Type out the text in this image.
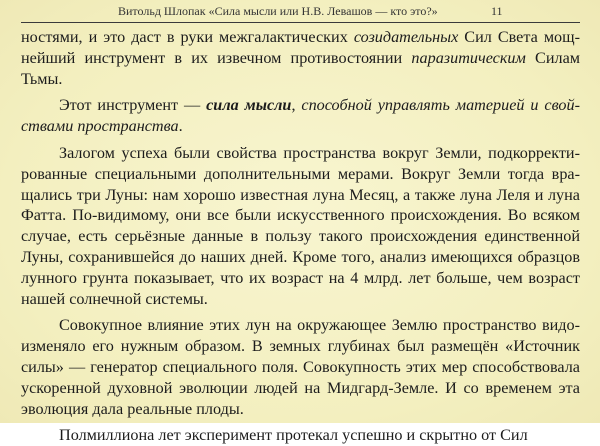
Витольд Шлопак «Сила мысли или Н.В. Левашов — кто это?»	11

ностями, и это даст в руки межгалактических созидательных Сил Света мощнейший инструмент в их извечном противостоянии паразитическим Силам Тьмы.

Этот инструмент — сила мысли, способной управлять материей и свойствами пространства.

Залогом успеха были свойства пространства вокруг Земли, подкорректированные специальными дополнительными мерами. Вокруг Земли тогда вращались три Луны: нам хорошо известная луна Месяц, а также луна Леля и луна Фатта. По-видимому, они все были искусственного происхождения. Во всяком случае, есть серьёзные данные в пользу такого происхождения единственной Луны, сохранившейся до наших дней. Кроме того, анализ имеющихся образцов лунного грунта показывает, что их возраст на 4 млрд. лет больше, чем возраст нашей солнечной системы.

Совокупное влияние этих лун на окружающее Землю пространство видоизменяло его нужным образом. В земных глубинах был размещён «Источник силы» — генератор специального поля. Совокупность этих мер способствовала ускоренной духовной эволюции людей на Мидгард-Земле. И со временем эта эволюция дала реальные плоды.

Полмиллиона лет эксперимент протекал успешно и скрытно от Сил
